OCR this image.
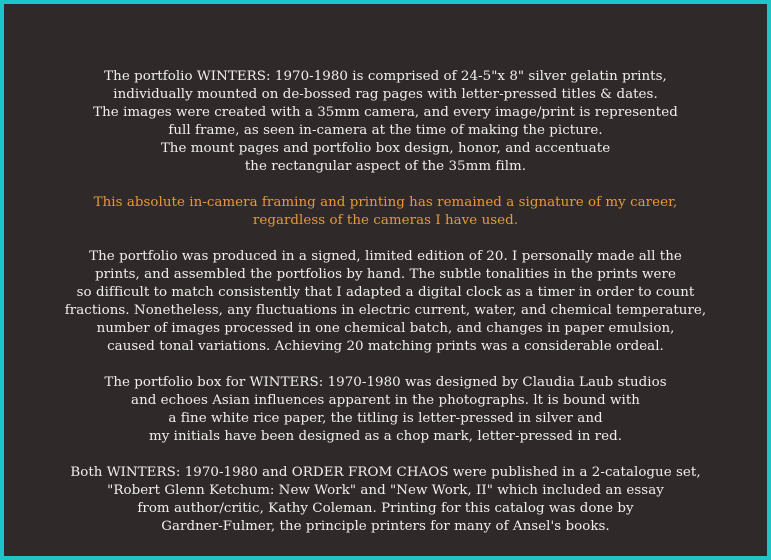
The portfolio WINTERS: 1970-1980 is comprised of 24-5"x 8" silver gelatin prints,
individually mounted on de-bossed rag pages with letter-pressed titles & dates.
The images were created with a 35mm camera, and every image/print is represented
full frame, as seen in-camera at the time of making the picture.
The mount pages and portfolio box design, honor, and accentuate
the rectangular aspect of the 35mm film.

This absolute in-camera framing and printing has remained a signature of my career,
regardless of the cameras I have used.

The portfolio was produced in a signed, limited edition of 20. I personally made all the
prints, and assembled the portfolios by hand. The subtle tonalities in the prints were
so difficult to match consistently that I adapted a digital clock as a timer in order to count
fractions. Nonetheless, any fluctuations in electric current, water, and chemical temperature,
number of images processed in one chemical batch, and changes in paper emulsion,
caused tonal variations. Achieving 20 matching prints was a considerable ordeal.

The portfolio box for WINTERS: 1970-1980 was designed by Claudia Laub studios
and echoes Asian influences apparent in the photographs. lt is bound with
a fine white rice paper, the titling is letter-pressed in silver and
my initials have been designed as a chop mark, letter-pressed in red.

Both WINTERS: 1970-1980 and ORDER FROM CHAOS were published in a 2-catalogue set,
"Robert Glenn Ketchum: New Work" and "New Work, II" which included an essay
from author/critic, Kathy Coleman. Printing for this catalog was done by
Gardner-Fulmer, the principle printers for many of Ansel's books.
